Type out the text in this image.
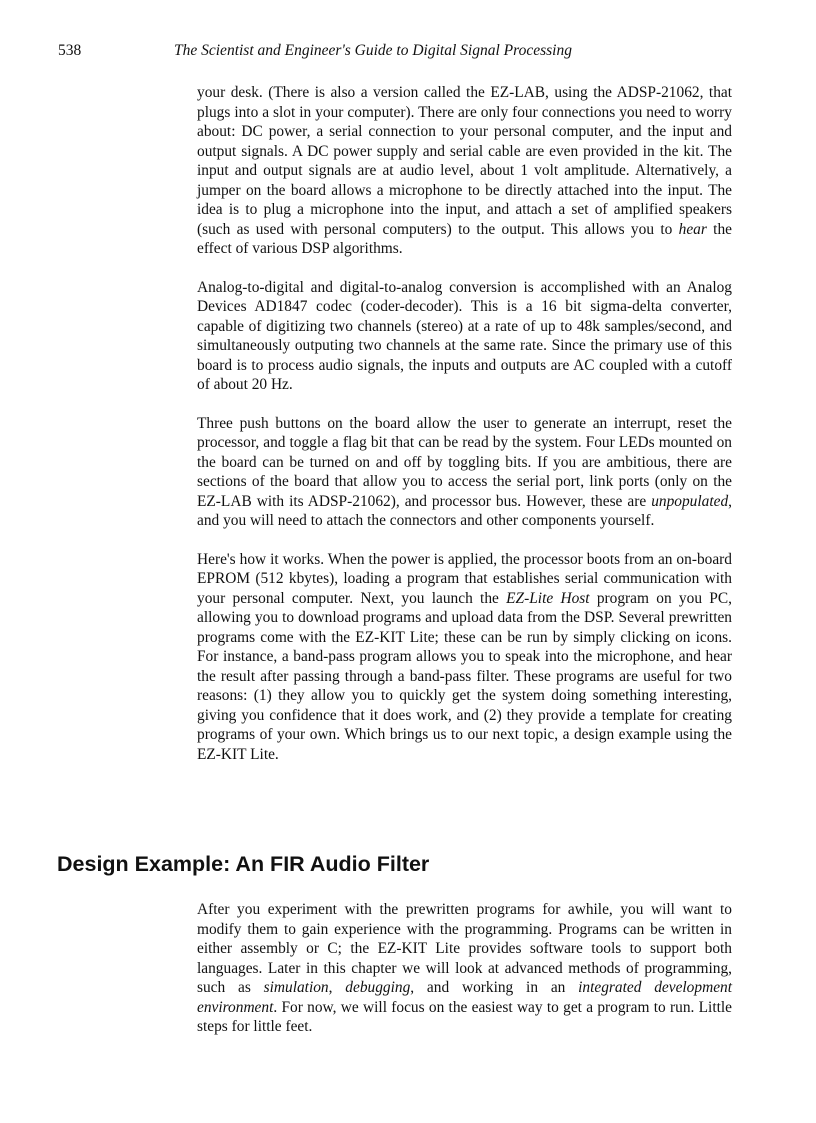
538	The Scientist and Engineer's Guide to Digital Signal Processing

your desk. (There is also a version called the EZ-LAB, using the ADSP-21062, that plugs into a slot in your computer). There are only four connections you need to worry about: DC power, a serial connection to your personal computer, and the input and output signals. A DC power supply and serial cable are even provided in the kit. The input and output signals are at audio level, about 1 volt amplitude. Alternatively, a jumper on the board allows a microphone to be directly attached into the input. The idea is to plug a microphone into the input, and attach a set of amplified speakers (such as used with personal computers) to the output. This allows you to hear the effect of various DSP algorithms.

Analog-to-digital and digital-to-analog conversion is accomplished with an Analog Devices AD1847 codec (coder-decoder). This is a 16 bit sigma-delta converter, capable of digitizing two channels (stereo) at a rate of up to 48k samples/second, and simultaneously outputing two channels at the same rate. Since the primary use of this board is to process audio signals, the inputs and outputs are AC coupled with a cutoff of about 20 Hz.

Three push buttons on the board allow the user to generate an interrupt, reset the processor, and toggle a flag bit that can be read by the system. Four LEDs mounted on the board can be turned on and off by toggling bits. If you are ambitious, there are sections of the board that allow you to access the serial port, link ports (only on the EZ-LAB with its ADSP-21062), and processor bus. However, these are unpopulated, and you will need to attach the connectors and other components yourself.

Here's how it works. When the power is applied, the processor boots from an on-board EPROM (512 kbytes), loading a program that establishes serial communication with your personal computer. Next, you launch the EZ-Lite Host program on you PC, allowing you to download programs and upload data from the DSP. Several prewritten programs come with the EZ-KIT Lite; these can be run by simply clicking on icons. For instance, a band-pass program allows you to speak into the microphone, and hear the result after passing through a band-pass filter. These programs are useful for two reasons: (1) they allow you to quickly get the system doing something interesting, giving you confidence that it does work, and (2) they provide a template for creating programs of your own. Which brings us to our next topic, a design example using the EZ-KIT Lite.

Design Example: An FIR Audio Filter

After you experiment with the prewritten programs for awhile, you will want to modify them to gain experience with the programming. Programs can be written in either assembly or C; the EZ-KIT Lite provides software tools to support both languages. Later in this chapter we will look at advanced methods of programming, such as simulation, debugging, and working in an integrated development environment. For now, we will focus on the easiest way to get a program to run. Little steps for little feet.
